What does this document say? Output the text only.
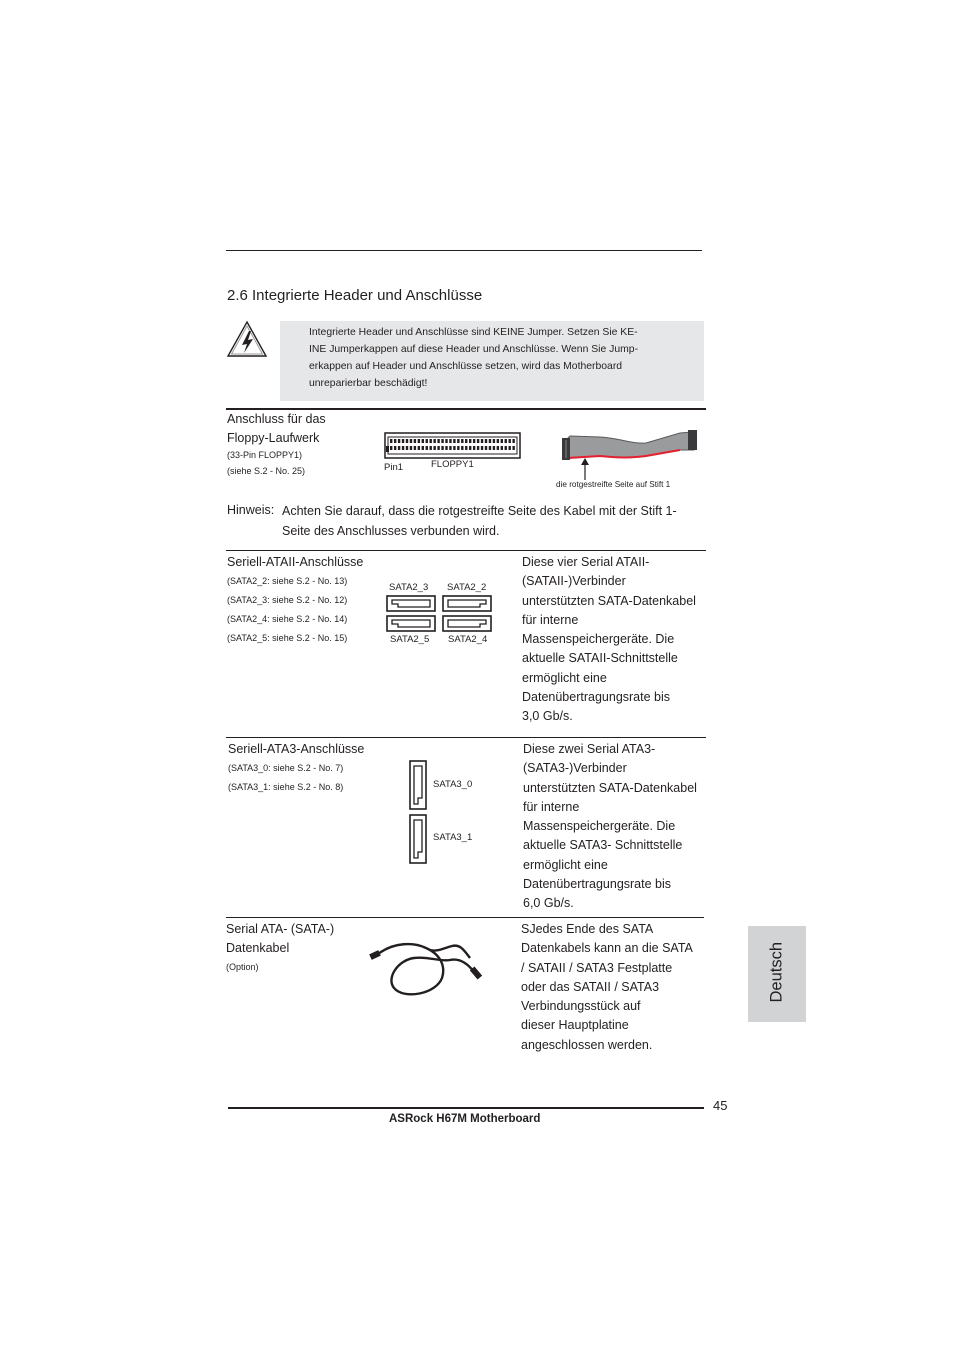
2.6 Integrierte Header und Anschlüsse
Integrierte Header und Anschlüsse sind KEINE Jumper. Setzen Sie KE-
INE Jumperkappen auf diese Header und Anschlüsse. Wenn Sie Jump-
erkappen auf Header und Anschlüsse setzen, wird das Motherboard
unreparierbar beschädigt!
Anschluss für das
Floppy-Laufwerk
(33-Pin FLOPPY1)
(siehe S.2 - No. 25)	Pin1	FLOPPY1
die rotgestreifte Seite auf Stift 1
Hinweis: Achten Sie darauf, dass die rotgestreifte Seite des Kabel mit der Stift 1-
Seite des Anschlusses verbunden wird.
Seriell-ATAII-Anschlüsse
(SATA2_2: siehe S.2 - No. 13)
(SATA2_3: siehe S.2 - No. 12)
(SATA2_4: siehe S.2 - No. 14)
(SATA2_5: siehe S.2 - No. 15)
SATA2_3 SATA2_2
SATA2_5 SATA2_4
Diese vier Serial ATAII-
(SATAII-)Verbinder
unterstützten SATA-Datenkabel
für interne
Massenspeichergeräte. Die
aktuelle SATAII-Schnittstelle
ermöglicht eine
Datenübertragungsrate bis
3,0 Gb/s.
Seriell-ATA3-Anschlüsse
(SATA3_0: siehe S.2 - No. 7)
(SATA3_1: siehe S.2 - No. 8)	SATA3_0
SATA3_1
Diese zwei Serial ATA3-
(SATA3-)Verbinder
unterstützten SATA-Datenkabel
für interne
Massenspeichergeräte. Die
aktuelle SATA3- Schnittstelle
ermöglicht eine
Datenübertragungsrate bis
6,0 Gb/s.
Serial ATA- (SATA-)
Datenkabel
(Option)
SJedes Ende des SATA
Datenkabels kann an die SATA
/ SATAII / SATA3 Festplatte
oder das SATAII / SATA3
Verbindungsstück auf
dieser Hauptplatine
angeschlossen werden.
Deutsch
45
ASRock H67M Motherboard
